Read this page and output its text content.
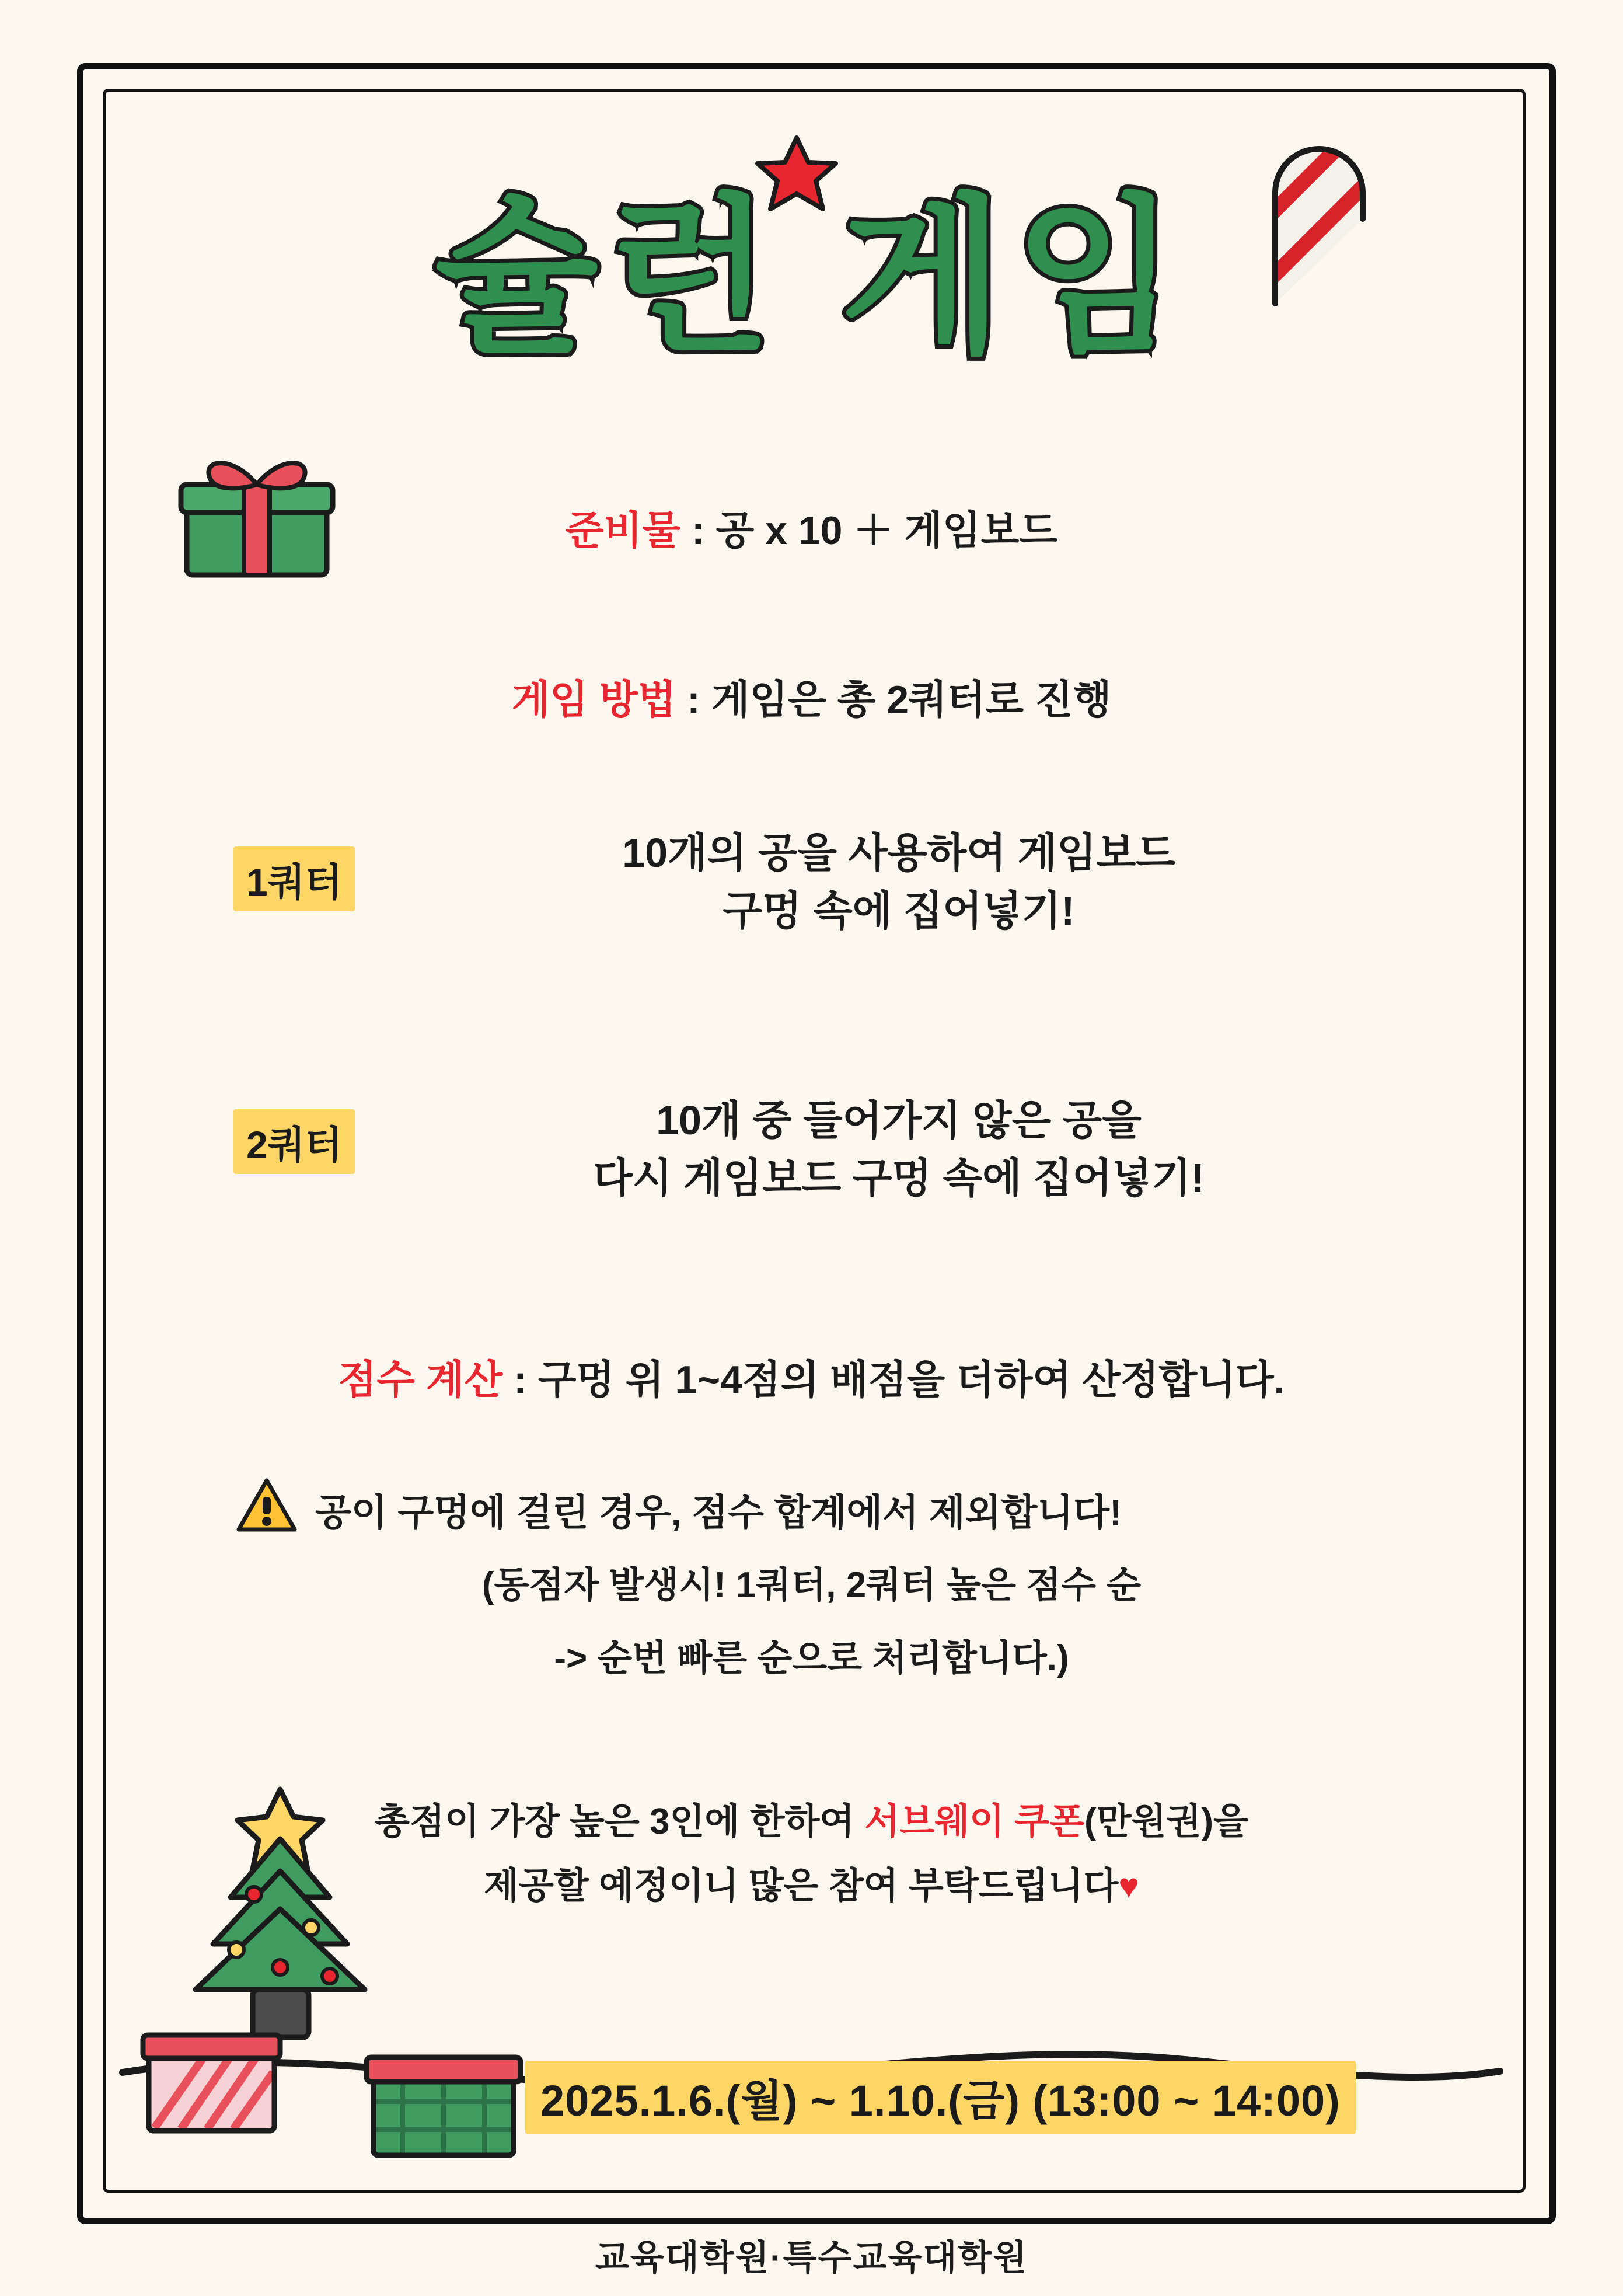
슐런 게임
준비물 : 공 x 10 ＋ 게임보드
게임 방법 : 게임은 총 2쿼터로 진행
1쿼터
10개의 공을 사용하여 게임보드
구멍 속에 집어넣기!
2쿼터
10개 중 들어가지 않은 공을
다시 게임보드 구멍 속에 집어넣기!
점수 계산 : 구멍 위 1~4점의 배점을 더하여 산정합니다.
공이 구멍에 걸린 경우, 점수 합계에서 제외합니다!
(동점자 발생시! 1쿼터, 2쿼터 높은 점수 순
-> 순번 빠른 순으로 처리합니다.)
총점이 가장 높은 3인에 한하여 서브웨이 쿠폰(만원권)을
제공할 예정이니 많은 참여 부탁드립니다♥
2025.1.6.(월) ~ 1.10.(금) (13:00 ~ 14:00)
교육대학원·특수교육대학원
